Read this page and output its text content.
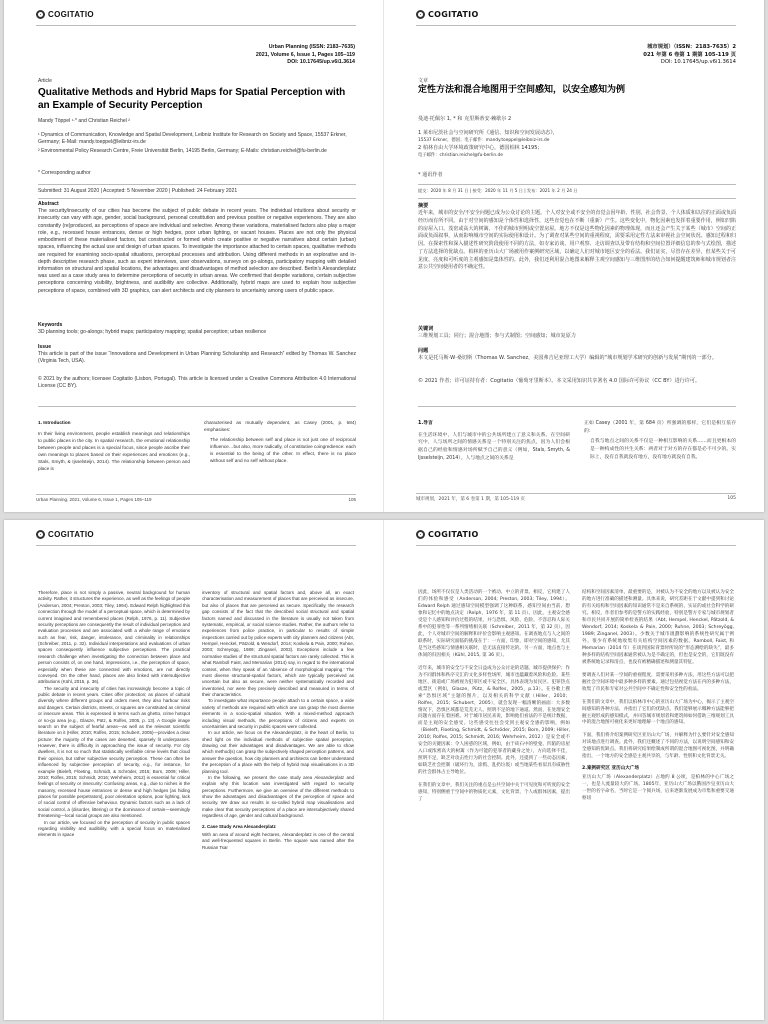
COGITATIO
Urban Planning (ISSN: 2183–7635)
2021, Volume 6, Issue 1, Pages 105–119
DOI: 10.17645/up.v6i1.3614
Article
Qualitative Methods and Hybrid Maps for Spatial Perception with an Example of Security Perception
Mandy Töppel ¹·* and Christian Reichel ²
¹ Dynamics of Communication, Knowledge and Spatial Development, Leibniz Institute for Research on Society and Space, 15537 Erkner, Germany; E-Mail: mandy.toeppel@leibniz-irs.de
² Environmental Policy Research Centre, Freie Universität Berlin, 14195 Berlin, Germany; E-Mails: christian.reichel@fu-berlin.de
* Corresponding author
Submitted: 31 August 2020 | Accepted: 5 November 2020 | Published: 24 February 2021
Abstract
The security/insecurity of our cities has become the subject of public debate in recent years. The individual intuitions about security or insecurity can vary with age, gender, social background, personal constitution and previous positive or negative experiences. They are also constantly (re)produced, as perceptions of space are individual and selective. Among these variations, materialised factors also play a major role, e.g., recessed house entrances, dense or high hedges, poor urban lighting, or vacant houses. Places are not only the physical embodiment of these materialised factors, but constructed or formed which create positive or negative narratives about certain (urban) spaces, influencing the actual use and design of urban spaces. To investigate the importance attached to certain spaces, qualitative methods are required for examining socio-spatial situations, perceptual processes and attribution. Using different methods in an explorative and in-depth descriptive research phase, such as expert interviews, user observations, surveys on go-alongs, participatory mapping with detailed information on structural and spatial locations, the advantages and disadvantages of method selection are described. Berlin’s Alexanderplatz was used as a case study area to determine perceptions of security in urban areas. We confirmed that despite variations, certain subjective perceptions concerning visibility, brightness, and audibility are collective. Additionally, hybrid maps are used to explain how subjective perceptions of space, combined with 3D graphics, can alert architects and city planners to uncertainty among users of public space.
Keywords
3D planning tools; go-alongs; hybrid maps; participatory mapping; spatial perception; urban resilience
Issue
This article is part of the issue “Innovations and Development in Urban Planning Scholarship and Research” edited by Thomas W. Sanchez (Virginia Tech, USA).
© 2021 by the authors; licensee Cogitatio (Lisbon, Portugal). This article is licensed under a Creative Commons Attribution 4.0 International License (CC BY).
1. Introduction
In their living environment, people establish meanings and relationships to public places in the city. In spatial research, the emotional relationship between people and places is a special focus, since people ascribe their own meanings to places based on their experiences and emotions (e.g., Stals, Smyth, & Ijsselsteijn, 2014). The relationship between person and place is
characterised as mutually dependent, as Casey (2001, p. 684) emphasises:
The relationship between self and place is not just one of reciprocal influence…but also, more radically, of constitutive coingredience: each is essential to the being of the other. In effect, there is no place without self and no self without place.
Urban Planning, 2021, Volume 6, Issue 1, Pages 105–119	105
COGITATIO
城市规划）（ISSN：2183-7635）2
021 年第 6 卷第 1 期第 105-119 页
DOI: 10.17645/up.v6i1.3614
文章
定性方法和混合地图用于空间感知，以安全感知为例
曼迪·托佩尔 1, * 和 克里斯蒂安·赖歇尔 2
1 莱布尼茨社会与空间研究所《通信、知识和空间发展动态》，
15537 Erkner，德国；电子邮件：mandy.toeppel@leibniz-irs.de
2 柏林自由大学环境政策研究中心，德国柏林 14195；
电子邮件：christian.reichel@fu-berlin.de
* 通讯作者
提交：2020 年 8 月 31 日 | 接受：2020 年 11 月 5 日 | 发布：2021 年 2 月 24 日
摘要
近年来，城市的安全/不安全问题已成为公众讨论的主题。个人对安全或不安全的直觉会因年龄、性别、社会背景、个人体质和以往的正面或负面经历而有所不同。由于对空间的感知是个体性和选择性，这些直觉也在不断（重新）产生。这些变化中，物化因素也发挥着重要作用，例如凹陷的房屋入口、茂密或高大的树篱、不佳的城市照明或空置房屋。地方不仅是这些物化因素的物理体现，而且还会产生关于某些（城市）空间的正面或负面叙事，从而影响城市空间的实际使用和设计。为了调查对某些空间的重视程度，需要采用定性方法来审视社会空间状况、感知过程和归因。在探索性和深入描述性研究阶段使用不同的方法，如专家访谈、用户观察、走访调查以及带有结构和空间位置详细信息的参与式绘图，描述了方法选择的优缺点。柏林的亚历山大广场被用作案例研究区域，以确定人们对城市地区安全的看法。我们证实，尽管存在差异，但某些关于可见度、亮度和可听度的主观感知是集体性的。此外，我们还利用混合地图来解释主观空间感知与三维图形的结合如何提醒建筑师和城市规划者注意公共空间使用者的不确定性。
关键词
三维规划工具；同行；混合地图；参与式制图；空间感知；城市复原力
问题
本文是托马斯·W·桑切斯（Thomas W. Sanchez，美国弗吉尼亚理工大学）编辑的“城市规划学术研究的创新与发展”期刊的一部分。
© 2021 作者；许可证持有者：Cogitatio（葡萄牙里斯本）。本文采用知识共享署名 4.0 国际许可协议（CC BY）进行许可。
1.导言
在生活环境中，人们与城市中的公共场所建立了意义和关系。在空间研究中，人与场所之间的情感关系是一个特别关注的焦点，因为人们会根据自己的经验和情感对场所赋予自己的意义（例如，Stals, Smyth, & Ijsselsteijn, 2014）。人与地点之间的关系是
正如 Casey（2001 年，第 684 页）所强调的那样，它们是相互依存的：
自我与地点之间的关系不仅是一种相互影响的关系……而且更根本的是一种构成性的共生关系：两者对于对方的存在都是必不可少的。实际上，没有自我就没有地方，没有地方就没有自我。
城市规划，2021 年，第 6 卷第 1 期，第 105-119 页	105
COGITATIO
Therefore, place is not simply a passive, neutral background for human activity. Rather, it structures the experience, as well as the feelings of people (Anderson, 2004; Preston, 2003; Tiley, 1994). Edward Relph highlighted this connection through the model of a perceptual space, which is determined by current imagined and remembered places (Relph, 1976, p. 11). Subjective security perceptions are consequently the result of individual perception and evaluation processes and are associated with a whole range of emotions such as fear, risk, danger, intolerance, and criminality in relationships (Schreiber, 2011, p. 32). Individual interpretations and evaluations of urban spaces consequently influence subjective perceptions. The practical research challenge when investigating the connection between place and person consists of, on one hand, impressions, i.e., the perception of space, especially when these are connected with emotions, are not directly conveyed. On the other hand, places are also linked with intersubjective attributions (Kühl, 2015, p. 36).
The security and insecurity of cities has increasingly become a topic of public debate in recent years. Cities offer protection; as places of cultural diversity where different groups and orders meet, they also harbour risks and dangers. Certain districts, streets, or squares are constituted as criminal or insecure areas. This is expressed in terms such as ghetto, crime hotspot or no-go area (e.g., Glasze, Pütz, & Rolfes, 2005, p. 13). A Google image search on the subject of fearful areas—as well as the relevant scientific literature on it (Hiller, 2010; Rolfes, 2015; Schubert, 2005)—provides a clear picture: the majority of the cases are deserted, sparsely lit underpasses. However, there is difficulty in approaching the issue of security. For city dwellers, it is not so much that statistically verifiable crime levels that cloud their opinion, but rather subjective security perception. These can often be influenced by subjective perception of security, e.g., for instance, for example (Bieleft, Flöeting, Schmidt, & Schröder, 2015; Born, 2009; Hiller, 2010; Rolfes, 2015; Schmidt, 2016; Wehrheim, 2012) is essential for critical feelings of security or insecurity: Confusing areas, e.g., due to niches in the masonry, recessed house entrances or dense and high hedges [as hiding places for possible perpetrators], poor orientation options, poor lighting, lack of social control of offensive behaviour. Dynamic factors such as a lack of social control, a (disorder, littering) or the dominance of certain—seemingly threatening—local social groups are also mentioned.
In our article, we focused on the perception of security in public spaces regarding visibility and audibility, with a special focus on materialised elements in space
inventory of structural and spatial factors and, above all, an exact characterisation and measurement of places that are perceived as insecure, but also of places that are perceived as secure. Specifically, the research gap consists of the fact that the described social structural and spatial factors named and discussed in the literature is usually not taken from systematic, empirical, or social science studies. Rather, the authors refer to experiences from police practice, in particular to results of simple inspections carried out by police experts with city planners and citizens (Abt, Hempel, Henckel, Pätzold, & Wendorf, 2014; Koskela & Pain, 2000; Ruhne, 2003; Schreyögg, 1989; Zinganel, 2003). Exceptions include a few normative studies of the structural spatial factors are rarely collected. This is what Ramboll Faist, and Memarian (2014) say, in regard to the international context, when they speak of an ‘absence of morphological mapping.’ The most diverse structural-spatial factors, which are typically perceived as uncertain but also as secure, were neither systematically recorded and inventoried, nor were they precisely described and measured in terms of their characteristics.
To investigate what importance people attach to a certain space, a wide variety of methods are required with which one can grasp the most diverse elements in a socio-spatial situation. With a mixed-method approach including visual methods, the perceptions of citizens and experts on uncertainties and security in public spaces were collected.
In our article, we focus on the Alexanderplatz, in the heart of Berlin, to shed light on the individual methods of subjective spatial perception, drawing out their advantages and disadvantages. We are able to show which method(s) can grasp the subjectively shaped perception patterns, and answer the question, how city planners and architects can better understand the perception of a place with the help of hybrid map visualisations in a 3D planning tool.
In the following, we present the case study area Alexanderplatz and explain why this location was investigated with regard to security perceptions. Furthermore, we give an overview of the different methods to show the advantages and disadvantages of the perception of space and security. We draw our results in so-called hybrid map visualisations and make clear that security perceptions of a place are intersubjectively shared regardless of age, gender and cultural background.
2. Case Study Area Alexanderplatz
With an area of around eight hectares, Alexanderplatz is one of the central and well-frequented squares in Berlin. The square was named after the Russian Tsar
COGITATIO
因此，场所不仅仅是人类活动的一个被动、中立的背景。相反，它构建了人们的体验和感受（Anderson, 2004; Preston, 2003; Tiley, 1994）。Edward Relph 通过感知空间模型强调了这种联系，感知空间由当前、想象和记忆中的地点决定（Relph，1976 年，第 11 页）。因此，主观安全感受是个人感知和评价过程的结果，并与恐惧、风险、危险、不容忍和人际关系中的犯罪性等一系列情绪相关联（Schreiber，2011 年，第 32 页）。因此，个人对城市空间的解释和评价会影响主观感知。在调查地点与人之间的联系时，实际研究面临的挑战在于：一方面，印象，即对空间的感知，尤其是当这些感知与情感相关联时，是无法直接传达的。另一方面，地点也与主体间的归因相关（Kühl, 2015, 第 36 页）。
近年来，城市的安全与不安全日益成为公众讨论的话题。城市提供保护；作为不同群体和秩序交汇的文化多样性场所，城市也蕴藏着风险和危险。某些地区、街道或广场被视为犯罪区或不安全区。具体表现为贫民区、犯罪热点或禁区（例如，Glasze，Pütz，& Rolfes，2005，p.13）。在谷歌上搜索“恐惧区域”主题的图片，以及相关的科学文献（Hiller，2010；Rolfes，2015；Schubert，2005），就会发现一幅清晰的画面：大多数情况下，恐惧区域都是荒芜无人、照明不足的地下通道。然而，在处理安全问题方面存在着困难。对于城市居民来说，影响他们看法的不是统计数据，而是主观的安全感受。这些感受往往会受到主观安全感的影响，例如（Bieleft, Floeting, Schmidt, & Schröder, 2015; Born, 2009; Hiller, 2010; Rolfes, 2015; Schmidt, 2016; Wehrheim, 2012）是安全或不安全的关键因素：令人困惑的区域，例如，由于砖石中的壁龛、凹陷的房屋入口或浓密高大的树篱（作为可能的犯罪者的藏身之处），方向选择不佳，照明不足，缺乏对攻击性行为的社会控制。此外，还提到了一些动态因素，如缺乏社会控制（破坏行为，涂鸦、乱扔垃圾）或当地某些看似具有威胁性的社会群体占主导地位。
在我们的文章中，我们关注的重点是公共空间中关于可见度和可听度的安全感知，特别侧重于空间中的物质化元素，文化背景，个人或群体因素，提出了
结构和空间因素清单，最重要的是，对被认为不安全的地方以及被认为安全的地方进行准确的描述和测量。具体来说，研究差距在于文献中提到和讨论的有关结构和空间因素的知识通常不是来自系统的、实证的或社会科学的研究。相反，作者们参考的是警方的实践经验，特别是警方专家与城市规划者和市民共同开展的简单检查的结果（Abt, Hempel, Henckel, Pätzold, & Wendorf, 2014; Koskela & Pain, 2000; Ruhne, 2003; Schreyögg, 1989; Zinganel, 2003）。少数关于城市規劃影响的系统性研究属于例外。很少有系统地收集有关结构空间因素的数据。Ramboll, Faist, 和 Memarian（2014 年）在谈到国际背景时所说的“形态测绘的缺失”，最多种多样的结构空间因素通常被认为是不确定的，但也是安全的，它们既没有被系统地记录和清点，也没有被精确描述和测量其特征。
要调查人们对某一空间的重视程度，需要采用多种方法，用这些方法可以把握社会空间环境中最多种多样的要素。通过包括视觉方法在内的多种方法，收集了市民和专家对公共空间中不确定性和安全性的看法。
在我们的文章中，我们以柏林市中心的亚历山大广场为中心，揭示了主观空间感知的各种方法，并指出了它们的优缺点。我们能够展示哪种方法能够把握主观形成的感知模式，并回答城市规划者和建筑师如何借助三维规划工具中的混合地图可视化来更好地理解一个地点的感知。
下面，我们将介绍案例研究区亚历山大广场，并解释为什么要针对安全感知对该地点进行调查。此外，我们还概述了不同的方法，以说明空间感知和安全感知的优缺点。我们将研究结果绘制成所谓的混合地图可视化图，并明确指出，一个地方的安全感是主观共享的，与年龄、性别和文化背景无关。
2.案例研究区 亚历山大广场
亚历山大广场（Alexanderplatz）占地约 8 公顷，是柏林的中心广场之一，也是人流量较大的广场。1805年，亚历山大广场以俄国沙皇亚历山大一世的名字命名，当时它是一个阅兵场，后来逐渐发展成为市集和重要交通枢纽
